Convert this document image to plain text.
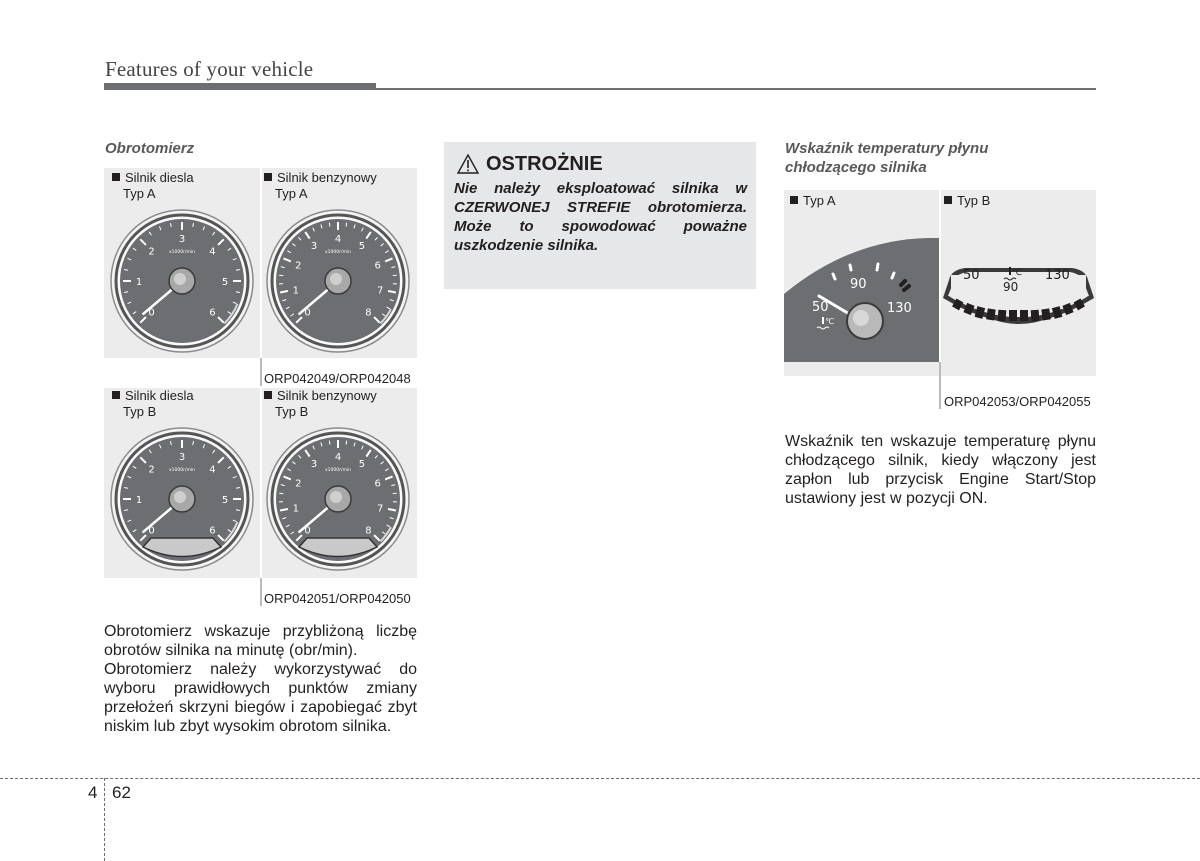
Features of your vehicle
Obrotomierz
Silnik diesla
Typ A
Silnik benzynowy
Typ A
0
1
2
3
4
5
6
x1000r/min
0
1
2
3
4
5
6
7
8
x1000r/min
ORP042049/ORP042048
Silnik diesla
Typ B
Silnik benzynowy
Typ B
0
1
2
3
4
5
6
x1000r/min
0
1
2
3
4
5
6
7
8
x1000r/min
ORP042051/ORP042050

Obrotomierz wskazuje przybliżoną liczbę obrotów silnika na minutę (obr/min).

Obrotomierz należy wykorzystywać do wyboru prawidłowych punktów zmiany przełożeń skrzyni biegów i zapobiegać zbyt niskim lub zbyt wysokim obrotom silnika.

OSTROŻNIE
Nie należy eksploatować silnika w CZERWONEJ STREFIE obrotomierza. Może to spowodować poważne uszkodzenie silnika.
Wskaźnik temperatury płynu
chłodzącego silnika
Typ A	Typ B
50
90
130
℃
50
90
130
℃
ORP042053/ORP042055

Wskaźnik ten wskazuje temperaturę płynu chłodzącego silnik, kiedy włączony jest zapłon lub przycisk Engine Start/Stop ustawiony jest w pozycji ON.

4 62
